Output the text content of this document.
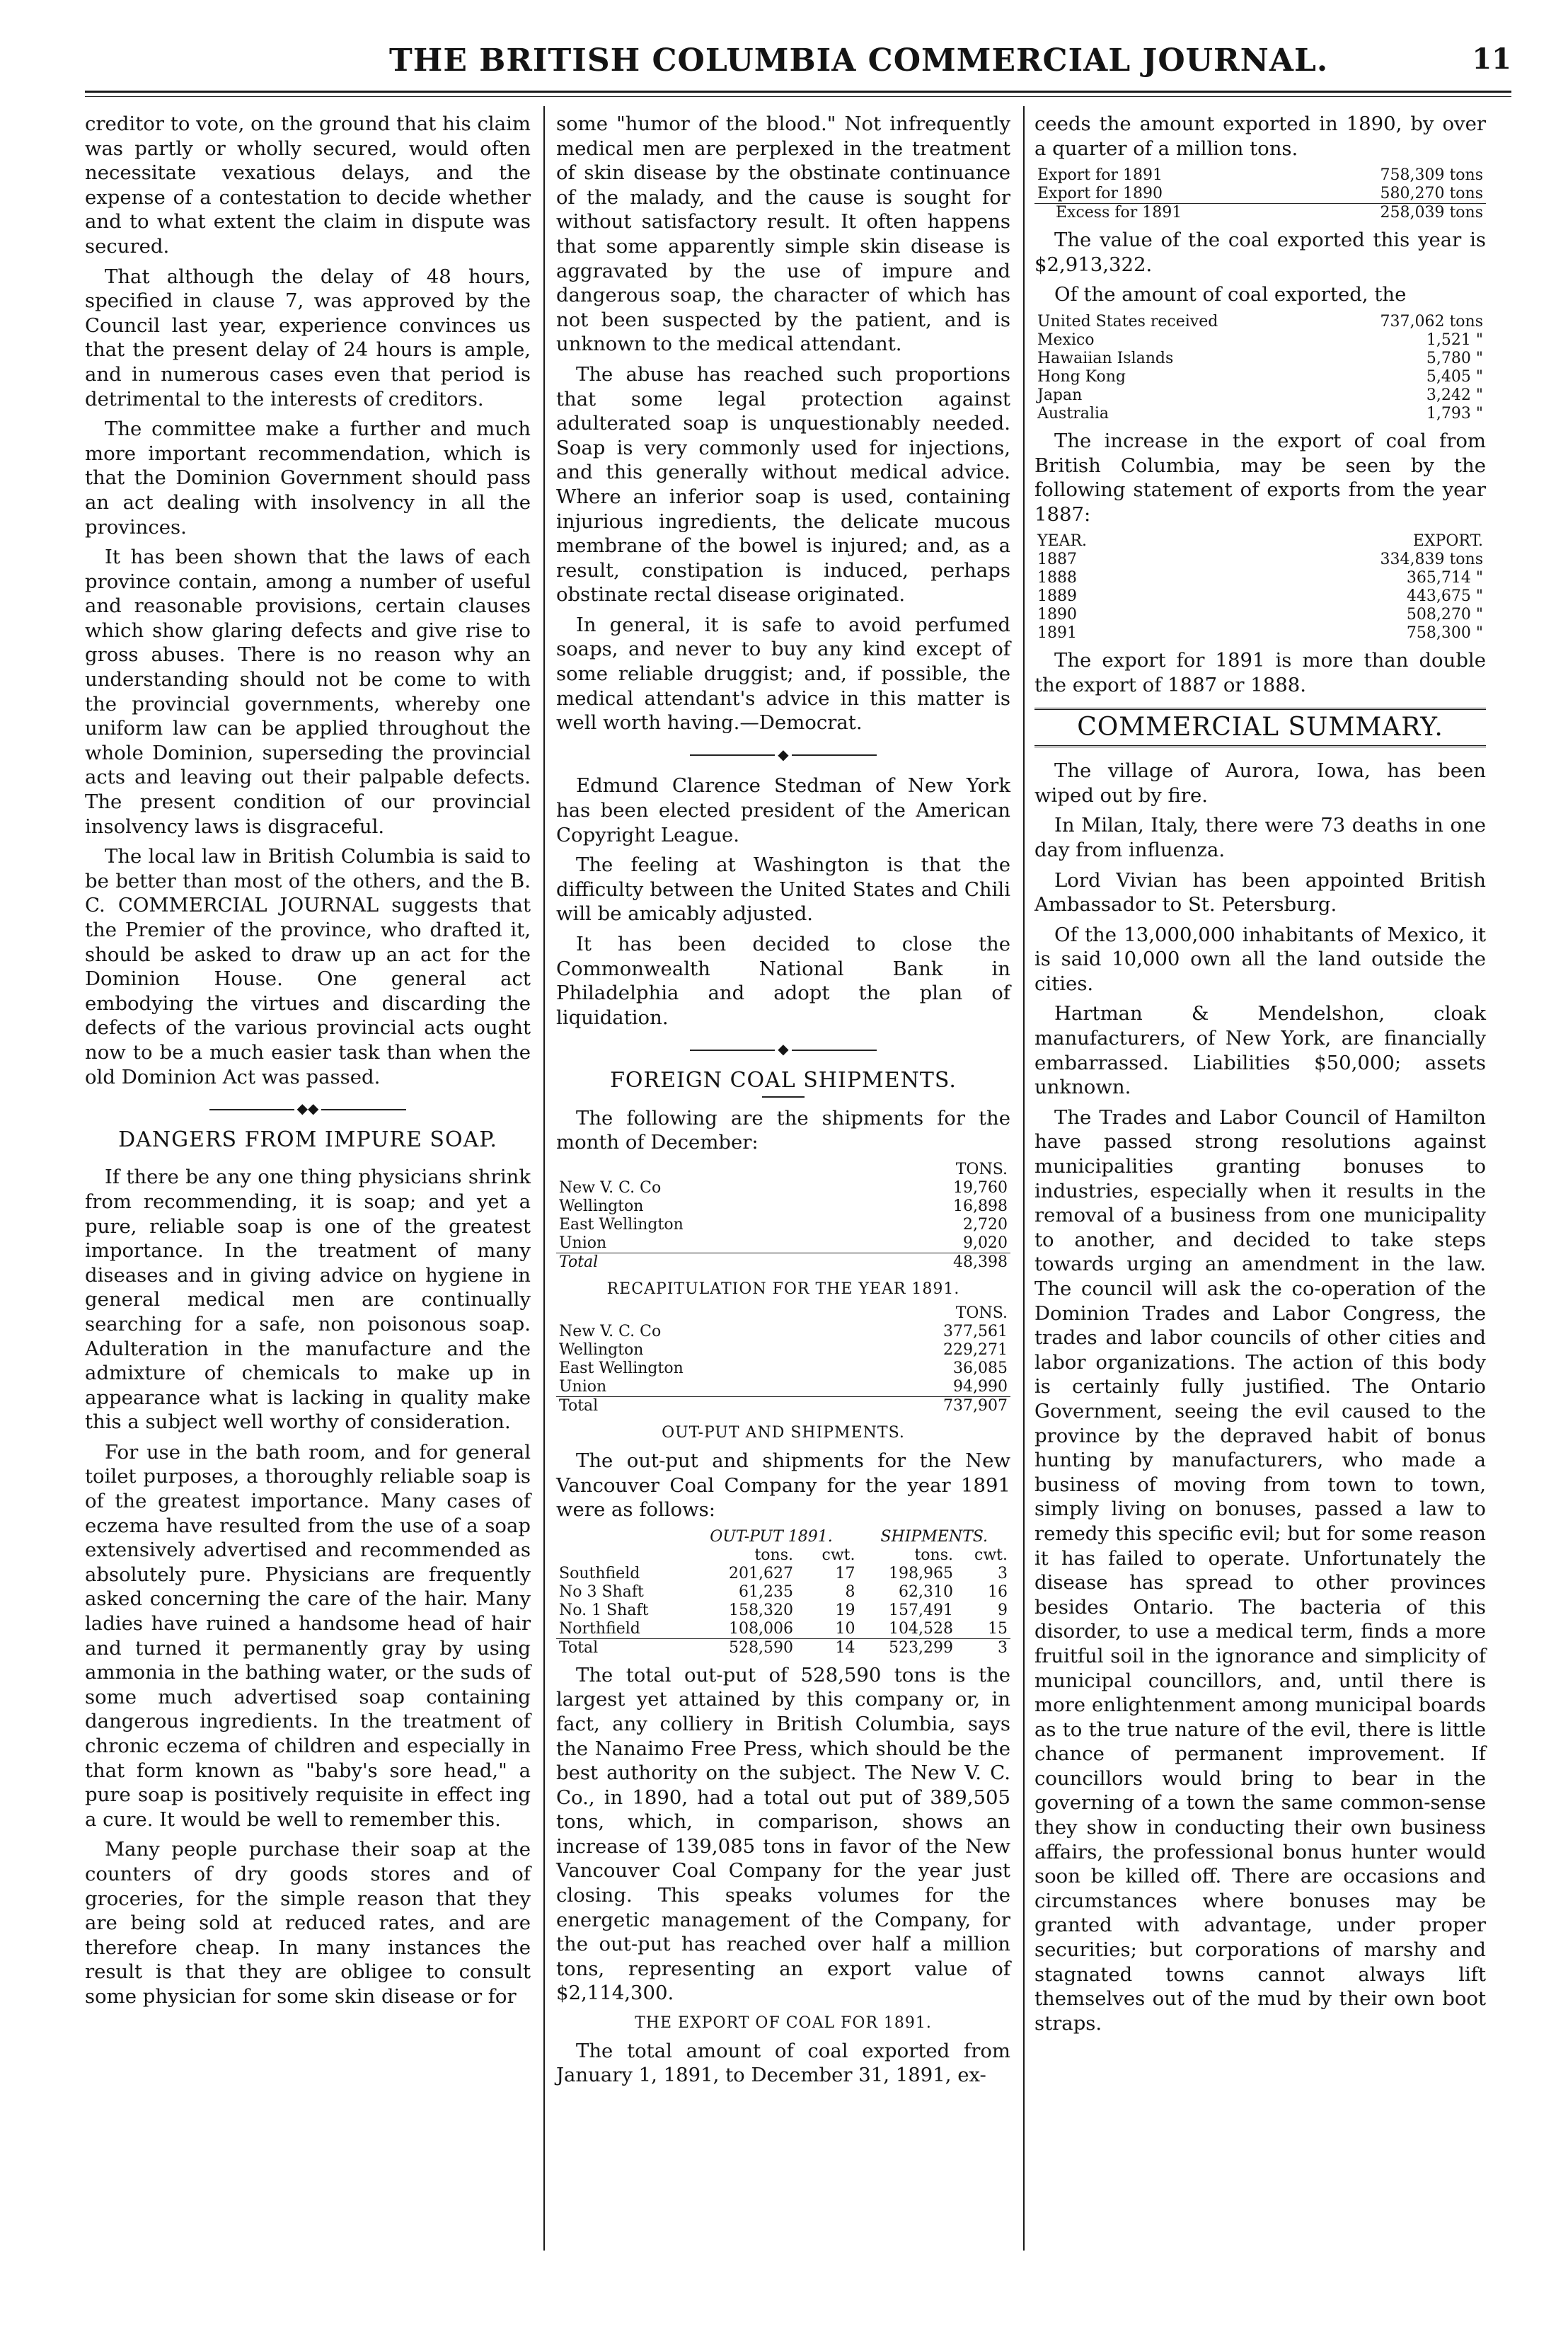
THE BRITISH COLUMBIA COMMERCIAL JOURNAL.	11

creditor to vote, on the ground that his claim was partly or wholly secured, would often necessitate vexatious delays, and the expense of a contestation to decide whether and to what extent the claim in dispute was secured.

That although the delay of 48 hours, specified in clause 7, was approved by the Council last year, experience convinces us that the present delay of 24 hours is ample, and in numerous cases even that period is detrimental to the interests of creditors.

The committee make a further and much more important recommendation, which is that the Dominion Government should pass an act dealing with insolvency in all the provinces.

It has been shown that the laws of each province contain, among a number of useful and reasonable provisions, certain clauses which show glaring defects and give rise to gross abuses. There is no reason why an understanding should not be come to with the provincial governments, whereby one uniform law can be applied throughout the whole Dominion, superseding the provincial acts and leaving out their palpable defects. The present condition of our provincial insolvency laws is disgraceful.

The local law in British Columbia is said to be better than most of the others, and the B. C. COMMERCIAL JOURNAL suggests that the Premier of the province, who drafted it, should be asked to draw up an act for the Dominion House. One general act embodying the virtues and discarding the defects of the various provincial acts ought now to be a much easier task than when the old Dominion Act was passed.

◆◆
DANGERS FROM IMPURE SOAP.

If there be any one thing physicians shrink from recommending, it is soap; and yet a pure, reliable soap is one of the greatest importance. In the treatment of many diseases and in giving advice on hygiene in general medical men are continually searching for a safe, non poisonous soap. Adulteration in the manufacture and the admixture of chemicals to make up in appearance what is lacking in quality make this a subject well worthy of consideration.

For use in the bath room, and for general toilet purposes, a thoroughly reliable soap is of the greatest importance. Many cases of eczema have resulted from the use of a soap extensively advertised and recommended as absolutely pure. Physicians are frequently asked concerning the care of the hair. Many ladies have ruined a handsome head of hair and turned it permanently gray by using ammonia in the bathing water, or the suds of some much advertised soap containing dangerous ingredients. In the treatment of chronic eczema of children and especially in that form known as "baby's sore head," a pure soap is positively requisite in effect ing a cure. It would be well to remember this.

Many people purchase their soap at the counters of dry goods stores and of groceries, for the simple reason that they are being sold at reduced rates, and are therefore cheap. In many instances the result is that they are obligee to consult some physician for some skin disease or for

some "humor of the blood." Not infrequently medical men are perplexed in the treatment of skin disease by the obstinate continuance of the malady, and the cause is sought for without satisfactory result. It often happens that some apparently simple skin disease is aggravated by the use of impure and dangerous soap, the character of which has not been suspected by the patient, and is unknown to the medical attendant.

The abuse has reached such proportions that some legal protection against adulterated soap is unquestionably needed. Soap is very commonly used for injections, and this generally without medical advice. Where an inferior soap is used, containing injurious ingredients, the delicate mucous membrane of the bowel is injured; and, as a result, constipation is induced, perhaps obstinate rectal disease originated.

In general, it is safe to avoid perfumed soaps, and never to buy any kind except of some reliable druggist; and, if possible, the medical attendant's advice in this matter is well worth having.—Democrat.

◆

Edmund Clarence Stedman of New York has been elected president of the American Copyright League.

The feeling at Washington is that the difficulty between the United States and Chili will be amicably adjusted.

It has been decided to close the Commonwealth National Bank in Philadelphia and adopt the plan of liquidation.

◆
FOREIGN COAL SHIPMENTS.

The following are the shipments for the month of December:

	TONS.
New V. C. Co	19,760
Wellington	16,898
East Wellington	2,720
Union	9,020
Total	48,398
RECAPITULATION FOR THE YEAR 1891.
	TONS.
New V. C. Co	377,561
Wellington	229,271
East Wellington	36,085
Union	94,990
Total	737,907
OUT-PUT AND SHIPMENTS.

The out-put and shipments for the New Vancouver Coal Company for the year 1891 were as follows:

	OUT-PUT 1891.		SHIPMENTS.	
	tons.	cwt.	tons.	cwt.
Southfield	201,627	17	198,965	3
No 3 Shaft	61,235	8	62,310	16
No. 1 Shaft	158,320	19	157,491	9
Northfield	108,006	10	104,528	15
Total	528,590	14	523,299	3

The total out-put of 528,590 tons is the largest yet attained by this company or, in fact, any colliery in British Columbia, says the Nanaimo Free Press, which should be the best authority on the subject. The New V. C. Co., in 1890, had a total out put of 389,505 tons, which, in comparison, shows an increase of 139,085 tons in favor of the New Vancouver Coal Company for the year just closing. This speaks volumes for the energetic management of the Company, for the out-put has reached over half a million tons, representing an export value of $2,114,300.

THE EXPORT OF COAL FOR 1891.

The total amount of coal exported from January 1, 1891, to December 31, 1891, ex-

ceeds the amount exported in 1890, by over a quarter of a million tons.

Export for 1891	758,309 tons
Export for 1890	580,270 tons
Excess for 1891	258,039 tons

The value of the coal exported this year is $2,913,322.

Of the amount of coal exported, the

United States received	737,062 tons
Mexico	1,521 "
Hawaiian Islands	5,780 "
Hong Kong	5,405 "
Japan	3,242 "
Australia	1,793 "

The increase in the export of coal from British Columbia, may be seen by the following statement of exports from the year 1887:

YEAR.	EXPORT.
1887	334,839 tons
1888	365,714 "
1889	443,675 "
1890	508,270 "
1891	758,300 "

The export for 1891 is more than double the export of 1887 or 1888.

COMMERCIAL SUMMARY.

The village of Aurora, Iowa, has been wiped out by fire.

In Milan, Italy, there were 73 deaths in one day from influenza.

Lord Vivian has been appointed British Ambassador to St. Petersburg.

Of the 13,000,000 inhabitants of Mexico, it is said 10,000 own all the land outside the cities.

Hartman & Mendelshon, cloak manufacturers, of New York, are financially embarrassed. Liabilities $50,000; assets unknown.

The Trades and Labor Council of Hamilton have passed strong resolutions against municipalities granting bonuses to industries, especially when it results in the removal of a business from one municipality to another, and decided to take steps towards urging an amendment in the law. The council will ask the co-operation of the Dominion Trades and Labor Congress, the trades and labor councils of other cities and labor organizations. The action of this body is certainly fully justified. The Ontario Government, seeing the evil caused to the province by the depraved habit of bonus hunting by manufacturers, who made a business of moving from town to town, simply living on bonuses, passed a law to remedy this specific evil; but for some reason it has failed to operate. Unfortunately the disease has spread to other provinces besides Ontario. The bacteria of this disorder, to use a medical term, finds a more fruitful soil in the ignorance and simplicity of municipal councillors, and, until there is more enlightenment among municipal boards as to the true nature of the evil, there is little chance of permanent improvement. If councillors would bring to bear in the governing of a town the same common-sense they show in conducting their own business affairs, the professional bonus hunter would soon be killed off. There are occasions and circumstances where bonuses may be granted with advantage, under proper securities; but corporations of marshy and stagnated towns cannot always lift themselves out of the mud by their own boot straps.
